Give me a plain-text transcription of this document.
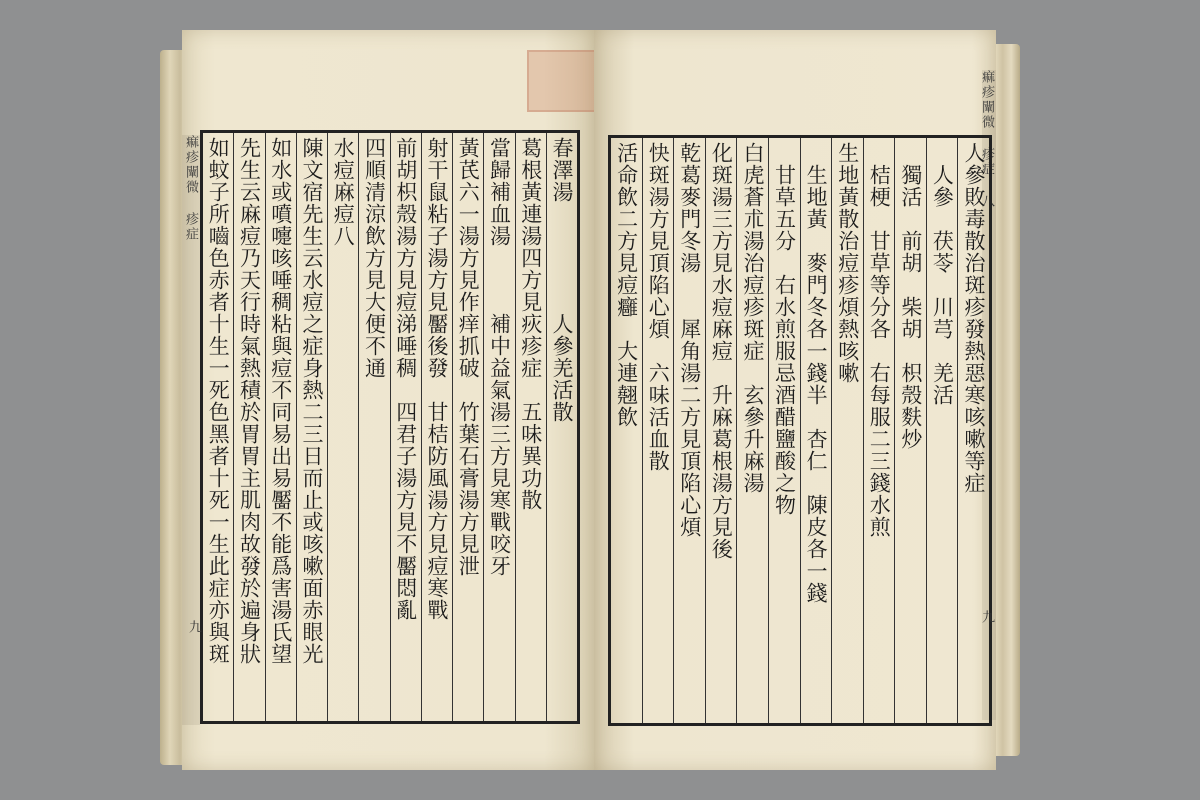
痲疹闡微 疹症	春澤湯　　　　　人參羌活散
葛根黃連湯四方見疢疹症　五味異功散
當歸補血湯　　　補中益氣湯三方見寒戰咬牙
黃芪六一湯方見作痒抓破　竹葉石膏湯方見泄
射干鼠粘子湯方見靨後發　甘桔防風湯方見痘寒戰
前胡枳殼湯方見痘涕唾稠　四君子湯方見不靨悶亂
四順清涼飲方見大便不通
水痘麻痘八
陳文宿先生云水痘之症身熱二三日而止或咳嗽面赤眼光
如水或噴嚏咳唾稠粘與痘不同易出易靨不能爲害湯氏望
先生云麻痘乃天行時氣熱積於胃胃主肌肉故發於遍身狀
如蚊子所嚙色赤者十生一死色黑者十死一生此症亦與斑
九
痲疹闡微 疹症 八
人參敗毒散治斑疹發熱惡寒咳嗽等症
　人參　茯苓　川芎　羌活
　獨活　前胡　柴胡　枳殼麩炒
　桔梗　甘草等分各　右每服二三錢水煎
生地黃散治痘疹煩熱咳嗽
　生地黃　麥門冬各一錢半　杏仁　陳皮各一錢
　甘草五分　右水煎服忌酒醋鹽酸之物
白虎蒼朮湯治痘疹斑症　玄參升麻湯
化斑湯三方見水痘麻痘　升麻葛根湯方見後
乾葛麥門冬湯　　犀角湯二方見頂陷心煩
快斑湯方見頂陷心煩　六味活血散
活命飲二方見痘癰　大連翹飲
九
